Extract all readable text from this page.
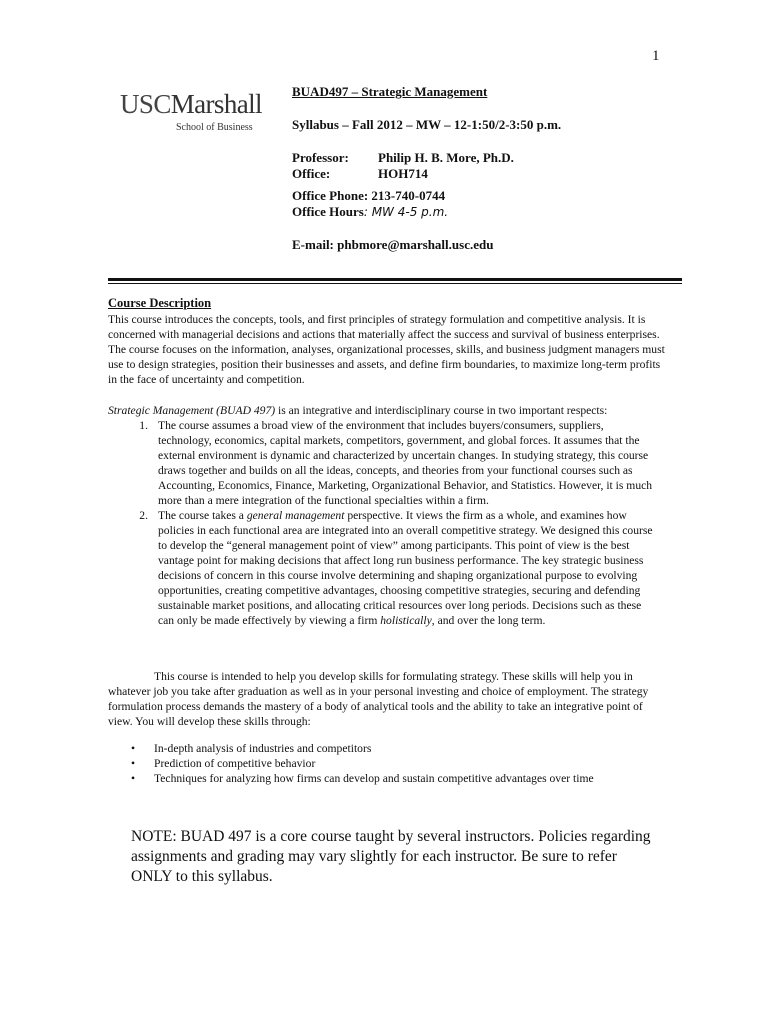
1
USCMarshall
School of Business
BUAD497 – Strategic Management
Syllabus – Fall 2012 – MW – 12-1:50/2-3:50 p.m.
Professor:	Philip H. B. More, Ph.D.
Office:	HOH714
Office Phone: 213-740-0744
Office Hours: MW 4-5 p.m.
E-mail: phbmore@marshall.usc.edu
Course Description
This course introduces the concepts, tools, and first principles of strategy formulation and competitive analysis. It is concerned with managerial decisions and actions that materially affect the success and survival of business enterprises. The course focuses on the information, analyses, organizational processes, skills, and business judgment managers must use to design strategies, position their businesses and assets, and define firm boundaries, to maximize long-term profits in the face of uncertainty and competition.
Strategic Management (BUAD 497) is an integrative and interdisciplinary course in two important respects:
1. The course assumes a broad view of the environment that includes buyers/consumers, suppliers, technology, economics, capital markets, competitors, government, and global forces. It assumes that the external environment is dynamic and characterized by uncertain changes. In studying strategy, this course draws together and builds on all the ideas, concepts, and theories from your functional courses such as Accounting, Economics, Finance, Marketing, Organizational Behavior, and Statistics. However, it is much more than a mere integration of the functional specialties within a firm.
2. The course takes a general management perspective. It views the firm as a whole, and examines how policies in each functional area are integrated into an overall competitive strategy. We designed this course to develop the “general management point of view” among participants. This point of view is the best vantage point for making decisions that affect long run business performance. The key strategic business decisions of concern in this course involve determining and shaping organizational purpose to evolving opportunities, creating competitive advantages, choosing competitive strategies, securing and defending sustainable market positions, and allocating critical resources over long periods. Decisions such as these can only be made effectively by viewing a firm holistically, and over the long term.
This course is intended to help you develop skills for formulating strategy. These skills will help you in whatever job you take after graduation as well as in your personal investing and choice of employment. The strategy formulation process demands the mastery of a body of analytical tools and the ability to take an integrative point of view. You will develop these skills through:
•	In-depth analysis of industries and competitors
•	Prediction of competitive behavior
•	Techniques for analyzing how firms can develop and sustain competitive advantages over time
NOTE: BUAD 497 is a core course taught by several instructors. Policies regarding assignments and grading may vary slightly for each instructor. Be sure to refer ONLY to this syllabus.
